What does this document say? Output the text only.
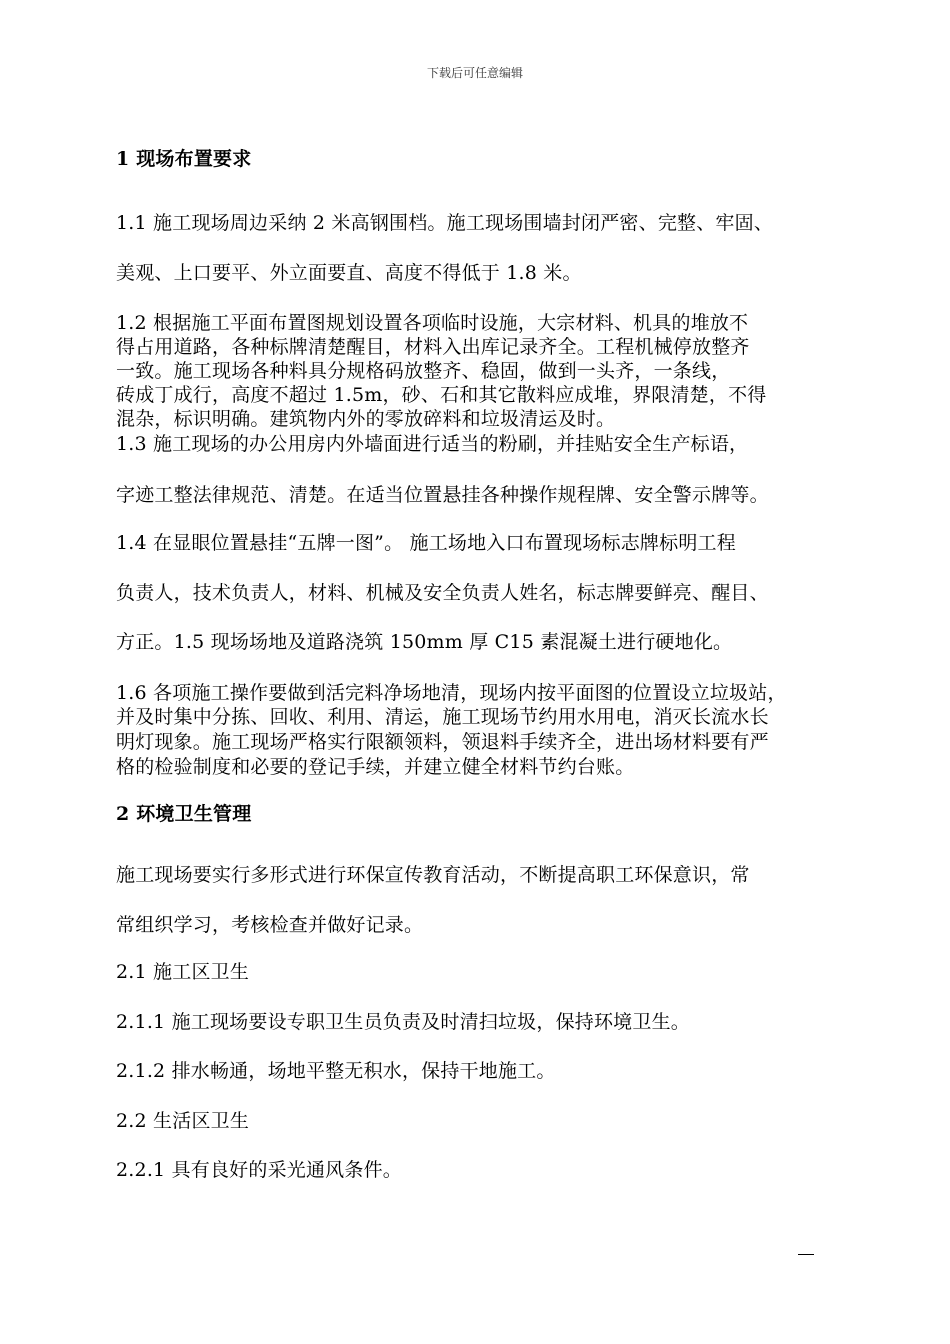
下载后可任意编辑
1 现场布置要求
1.1 施工现场周边采纳 2 米高钢围档。施工现场围墙封闭严密、完整、牢固、
美观、上口要平、外立面要直、高度不得低于 1.8 米。
1.2 根据施工平面布置图规划设置各项临时设施，大宗材料、机具的堆放不
得占用道路，各种标牌清楚醒目，材料入出库记录齐全。工程机械停放整齐
一致。施工现场各种料具分规格码放整齐、稳固，做到一头齐，一条线，
砖成丁成行，高度不超过 1.5m，砂、石和其它散料应成堆，界限清楚，不得
混杂，标识明确。建筑物内外的零放碎料和垃圾清运及时。
1.3 施工现场的办公用房内外墙面进行适当的粉刷，并挂贴安全生产标语，
字迹工整法律规范、清楚。在适当位置悬挂各种操作规程牌、安全警示牌等。
1.4 在显眼位置悬挂“五牌一图”。 施工场地入口布置现场标志牌标明工程
负责人，技术负责人，材料、机械及安全负责人姓名，标志牌要鲜亮、醒目、
方正。1.5 现场场地及道路浇筑 150mm 厚 C15 素混凝土进行硬地化。
1.6 各项施工操作要做到活完料净场地清，现场内按平面图的位置设立垃圾站，
并及时集中分拣、回收、利用、清运，施工现场节约用水用电，消灭长流水长
明灯现象。施工现场严格实行限额领料，领退料手续齐全，进出场材料要有严
格的检验制度和必要的登记手续，并建立健全材料节约台账。
2 环境卫生管理
施工现场要实行多形式进行环保宣传教育活动，不断提高职工环保意识，常
常组织学习，考核检查并做好记录。
2.1 施工区卫生
2.1.1 施工现场要设专职卫生员负责及时清扫垃圾，保持环境卫生。
2.1.2 排水畅通，场地平整无积水，保持干地施工。
2.2 生活区卫生
2.2.1 具有良好的采光通风条件。
